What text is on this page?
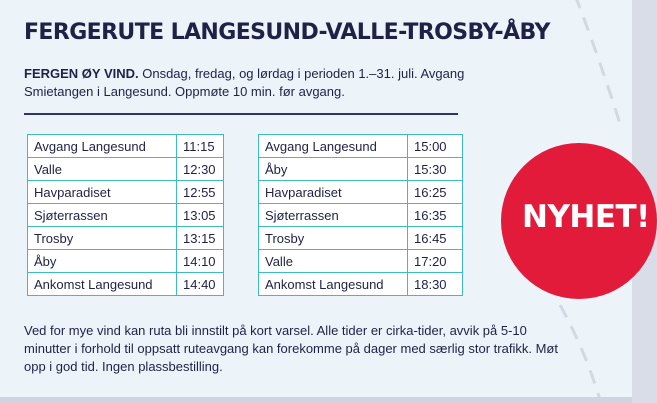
FERGERUTE LANGESUND-VALLE-TROSBY-ÅBY

FERGEN ØY VIND. Onsdag, fredag, og lørdag i perioden 1.–31. juli. Avgang Smietangen i Langesund. Oppmøte 10 min. før avgang.

Avgang Langesund	11:15
Valle	12:30
Havparadiset	12:55
Sjøterrassen	13:05
Trosby	13:15
Åby	14:10
Ankomst Langesund	14:40
Avgang Langesund	15:00
Åby	15:30
Havparadiset	16:25
Sjøterrassen	16:35
Trosby	16:45
Valle	17:20
Ankomst Langesund	18:30

Ved for mye vind kan ruta bli innstilt på kort varsel. Alle tider er cirka-tider, avvik på 5-10 minutter i forhold til oppsatt ruteavgang kan forekomme på dager med særlig stor trafikk. Møt opp i god tid. Ingen plassbestilling.

NYHET!
